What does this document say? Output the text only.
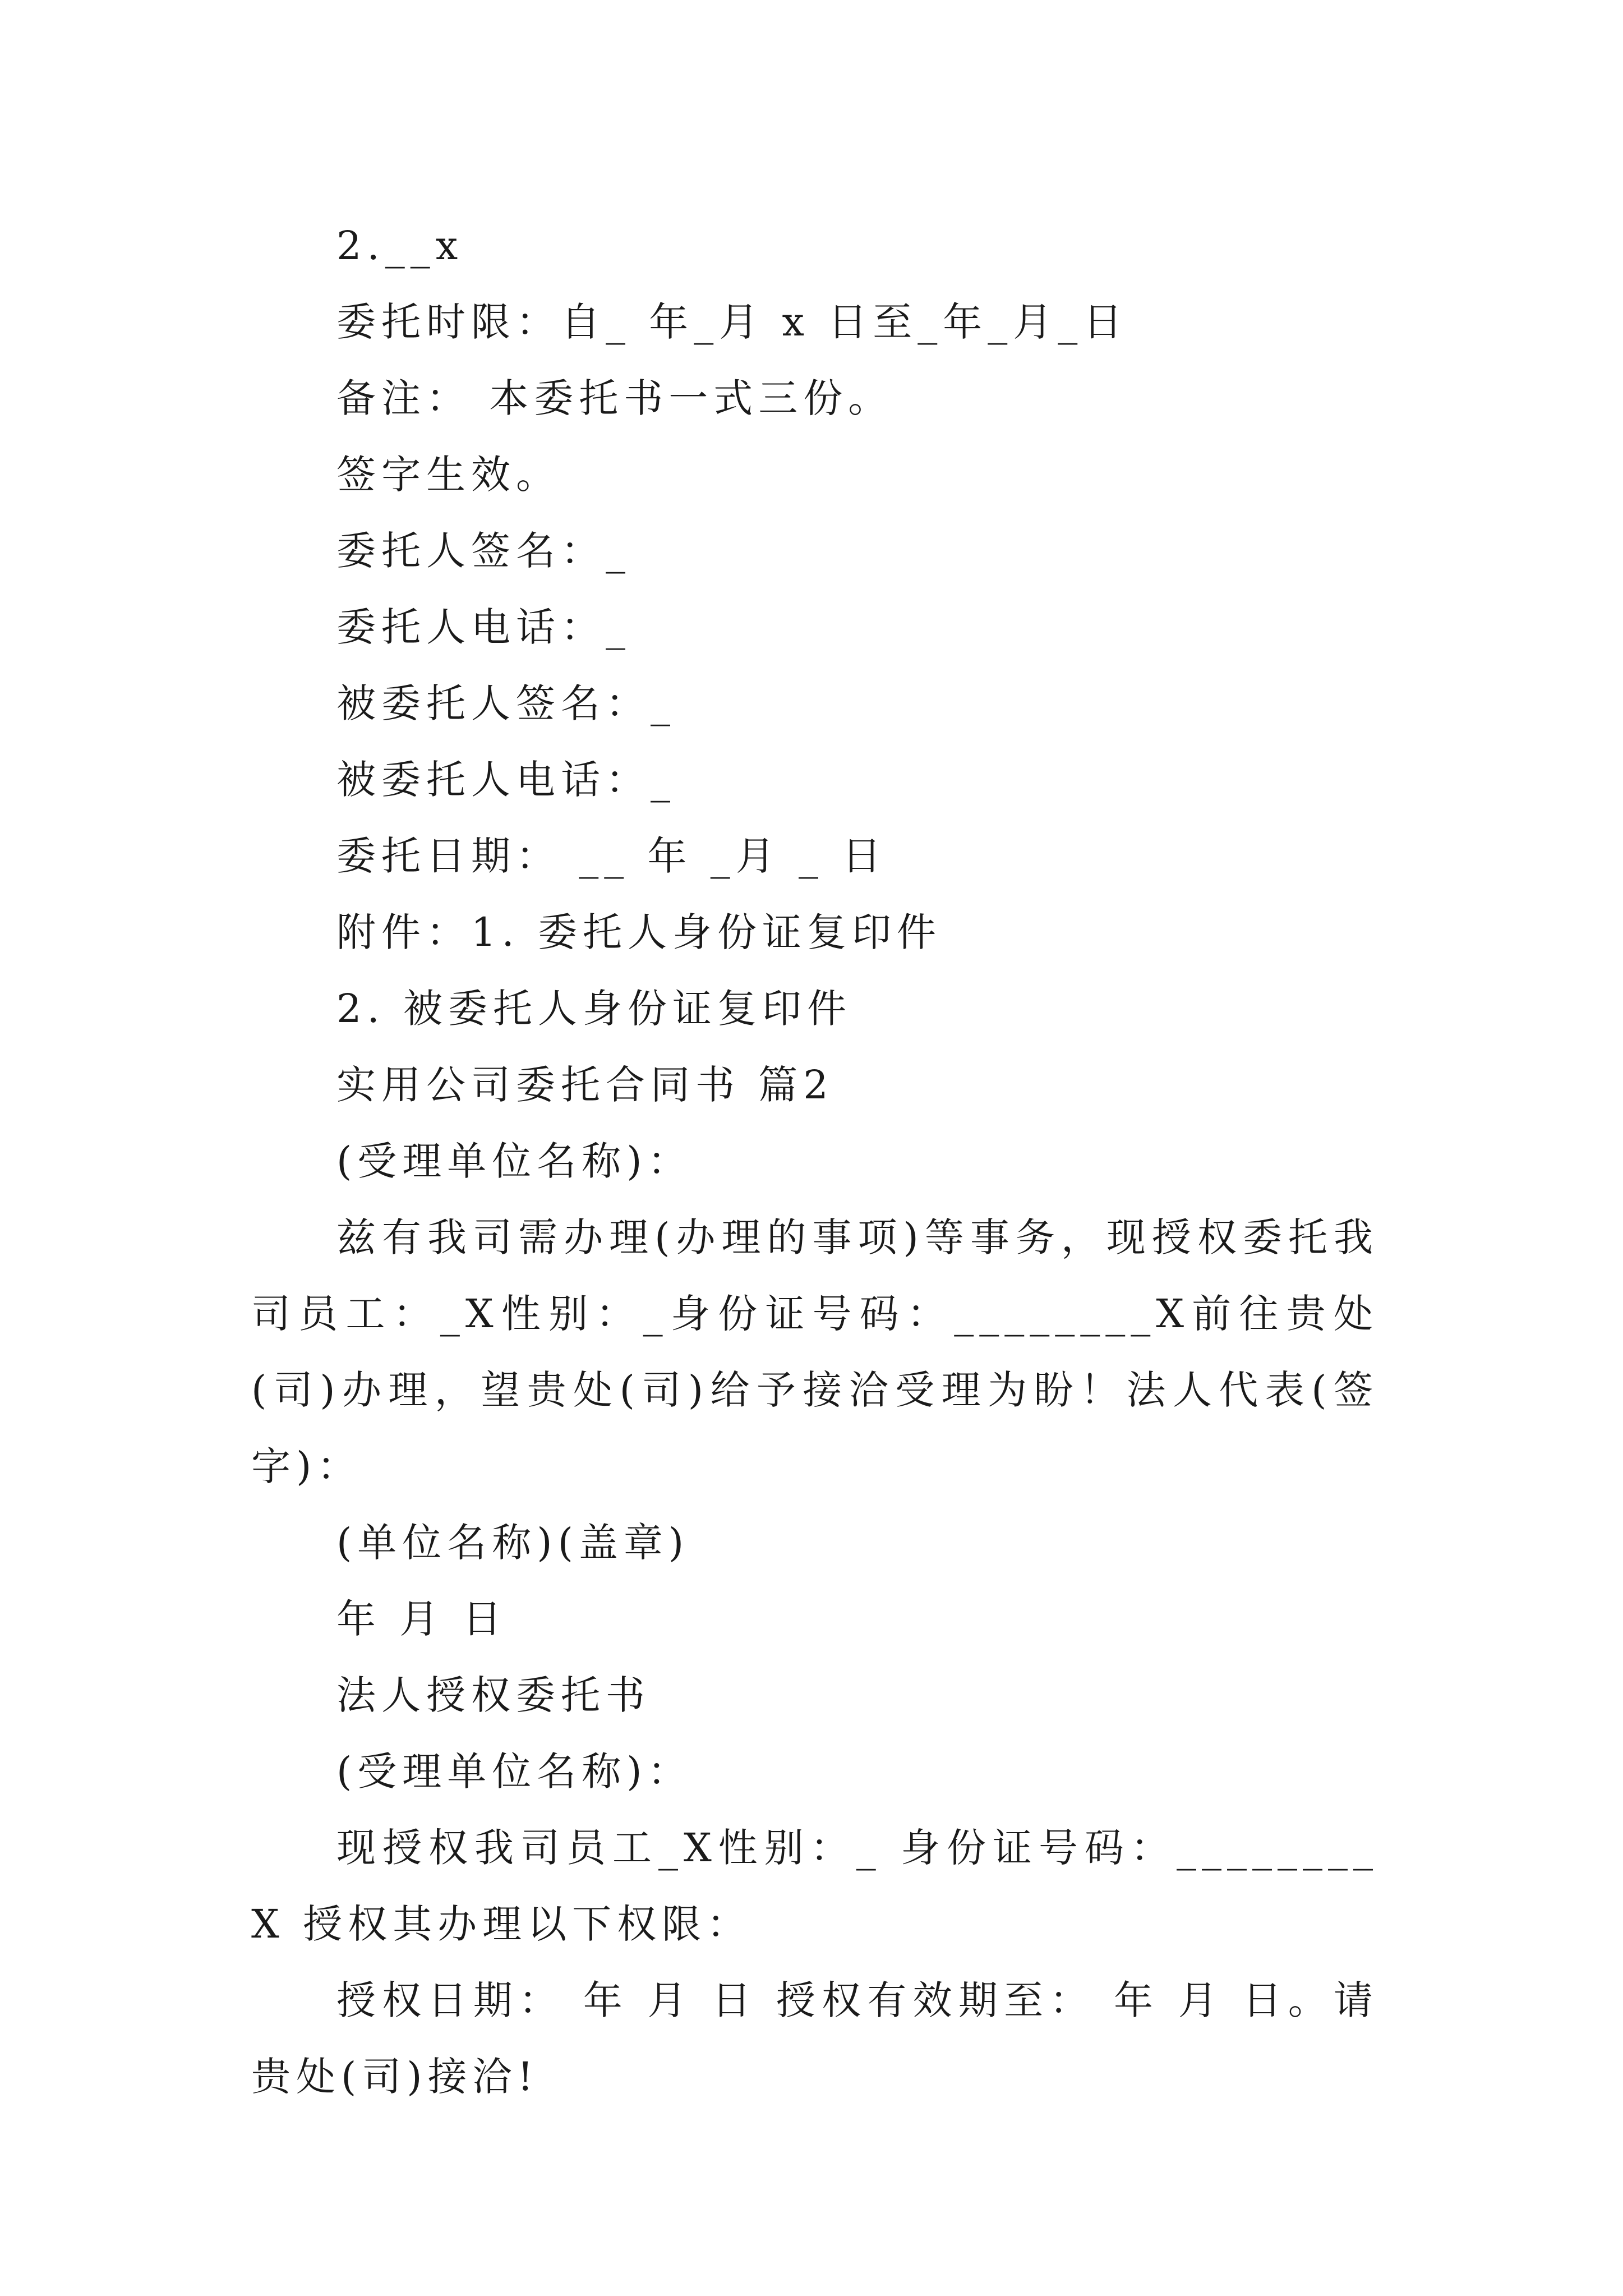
2.__x

委托时限：自_ 年_月 x 日至_年_月_日

备注： 本委托书一式三份。

签字生效。

委托人签名：_

委托人电话：_

被委托人签名：_

被委托人电话：_

委托日期： __ 年 _月 _ 日

附件：1. 委托人身份证复印件

2. 被委托人身份证复印件

实用公司委托合同书 篇2

(受理单位名称)：

兹有我司需办理(办理的事项)等事务，现授权委托我司员工：_X性别：_身份证号码：________X前往贵处(司)办理，望贵处(司)给予接洽受理为盼！法人代表(签字)：

(单位名称)(盖章)

年 月 日

法人授权委托书

(受理单位名称)：

现授权我司员工_X性别：_ 身份证号码：________X 授权其办理以下权限：

授权日期： 年 月 日 授权有效期至： 年 月 日。请贵处(司)接洽!
